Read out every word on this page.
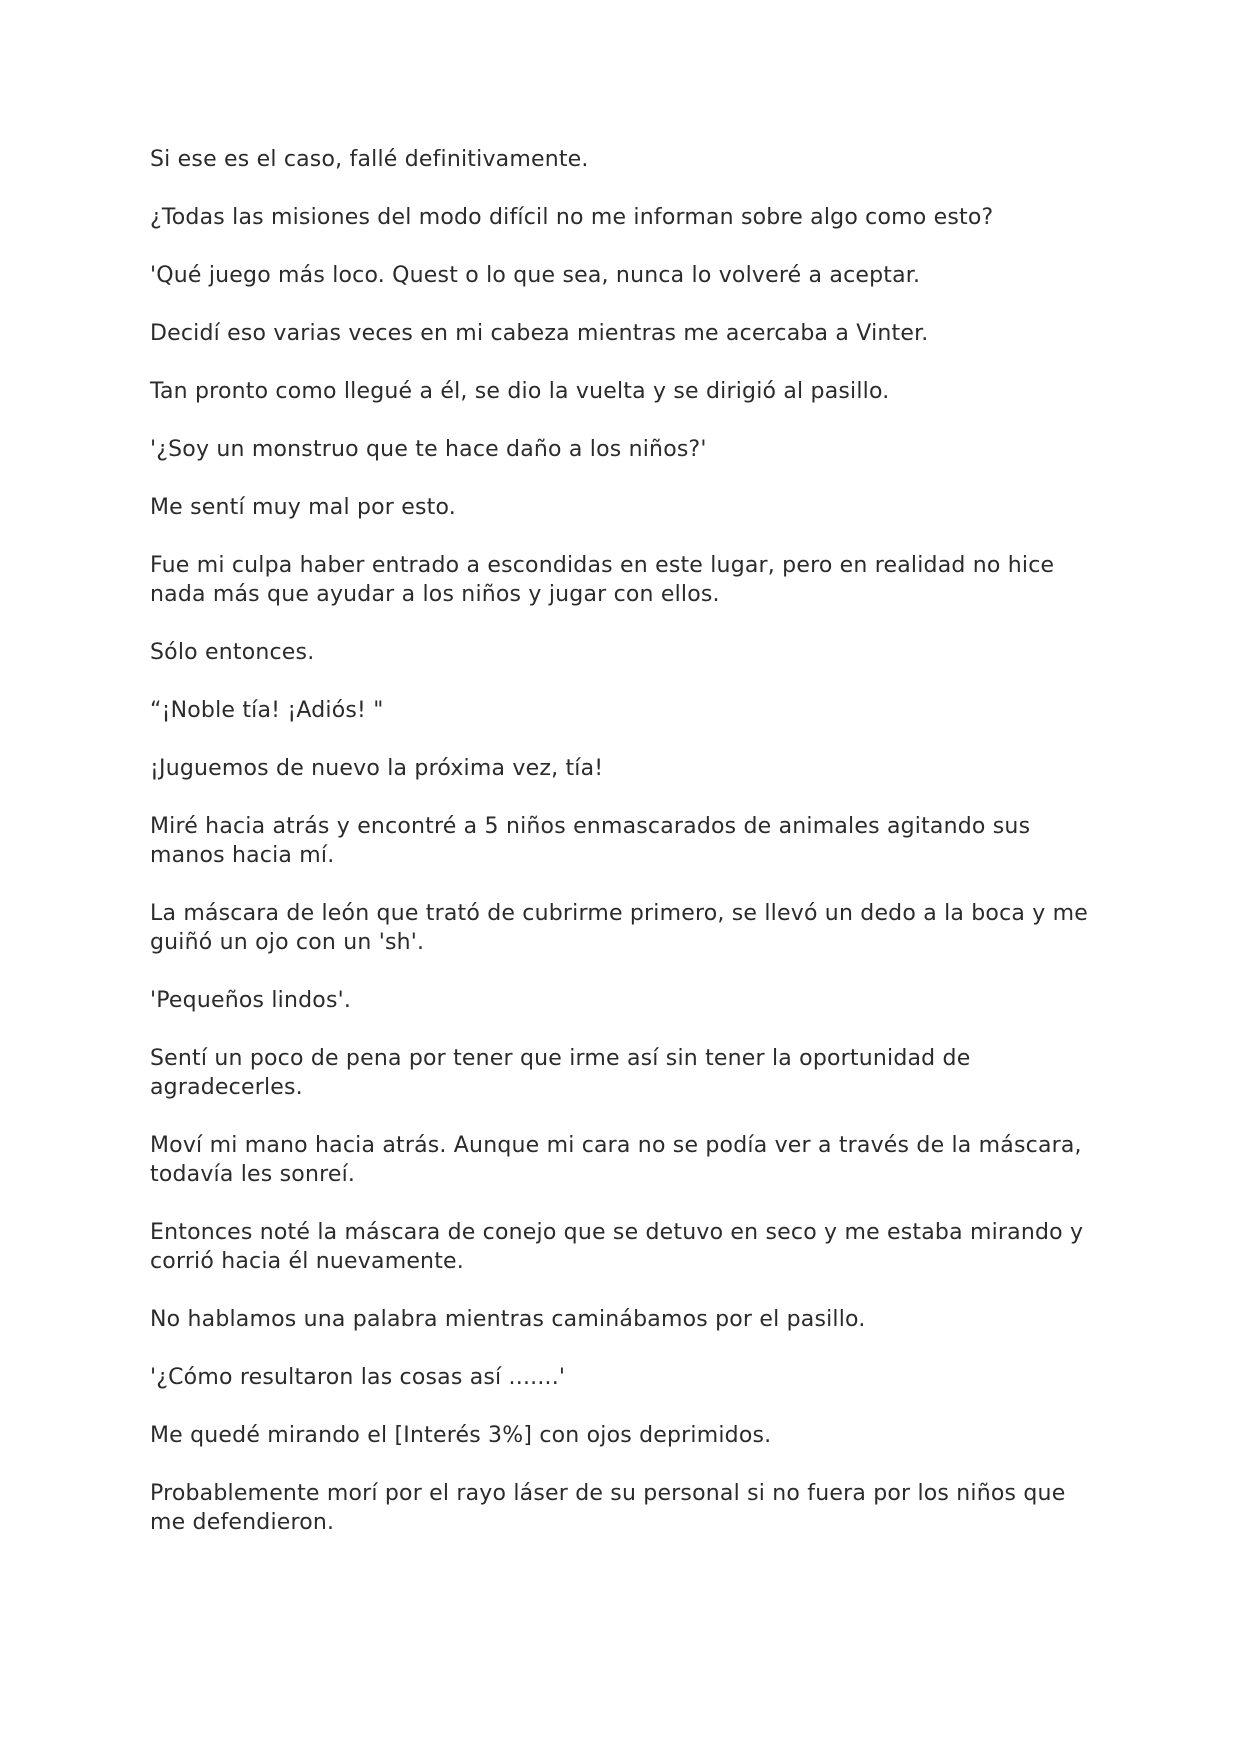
Si ese es el caso, fallé definitivamente.

¿Todas las misiones del modo difícil no me informan sobre algo como esto?

'Qué juego más loco. Quest o lo que sea, nunca lo volveré a aceptar.

Decidí eso varias veces en mi cabeza mientras me acercaba a Vinter.

Tan pronto como llegué a él, se dio la vuelta y se dirigió al pasillo.

'¿Soy un monstruo que te hace daño a los niños?'

Me sentí muy mal por esto.

Fue mi culpa haber entrado a escondidas en este lugar, pero en realidad no hice nada más que ayudar a los niños y jugar con ellos.

Sólo entonces.

“¡Noble tía! ¡Adiós! "

¡Juguemos de nuevo la próxima vez, tía!

Miré hacia atrás y encontré a 5 niños enmascarados de animales agitando sus manos hacia mí.

La máscara de león que trató de cubrirme primero, se llevó un dedo a la boca y me guiñó un ojo con un 'sh'.

'Pequeños lindos'.

Sentí un poco de pena por tener que irme así sin tener la oportunidad de agradecerles.

Moví mi mano hacia atrás. Aunque mi cara no se podía ver a través de la máscara, todavía les sonreí.

Entonces noté la máscara de conejo que se detuvo en seco y me estaba mirando y corrió hacia él nuevamente.

No hablamos una palabra mientras caminábamos por el pasillo.

'¿Cómo resultaron las cosas así .......'

Me quedé mirando el [Interés 3%] con ojos deprimidos.

Probablemente morí por el rayo láser de su personal si no fuera por los niños que me defendieron.
